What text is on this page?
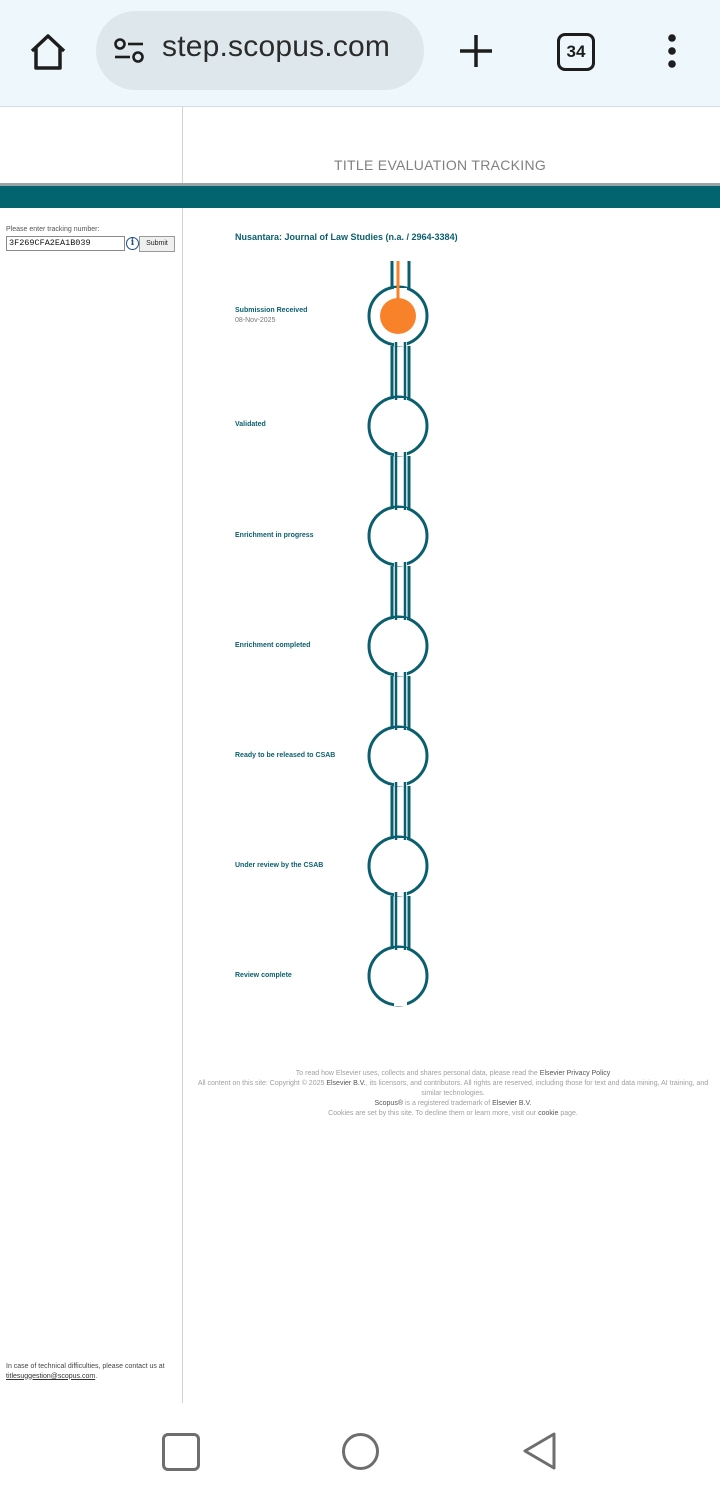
step.scopus.com	34
TITLE EVALUATION TRACKING
Please enter tracking number:
3F269CFA2EA1B039	i	Submit
Nusantara: Journal of Law Studies (n.a. / 2964-3384)
Submission Received
08-Nov-2025
Validated
Enrichment in progress
Enrichment completed
Ready to be released to CSAB
Under review by the CSAB
Review complete
To read how Elsevier uses, collects and shares personal data, please read the Elsevier Privacy Policy
All content on this site: Copyright © 2025 Elsevier B.V., its licensors, and contributors. All rights are reserved, including those for text and data mining, AI training, and similar technologies.
Scopus® is a registered trademark of Elsevier B.V.
Cookies are set by this site. To decline them or learn more, visit our cookie page.
In case of technical difficulties, please contact us at titlesuggestion@scopus.com.
